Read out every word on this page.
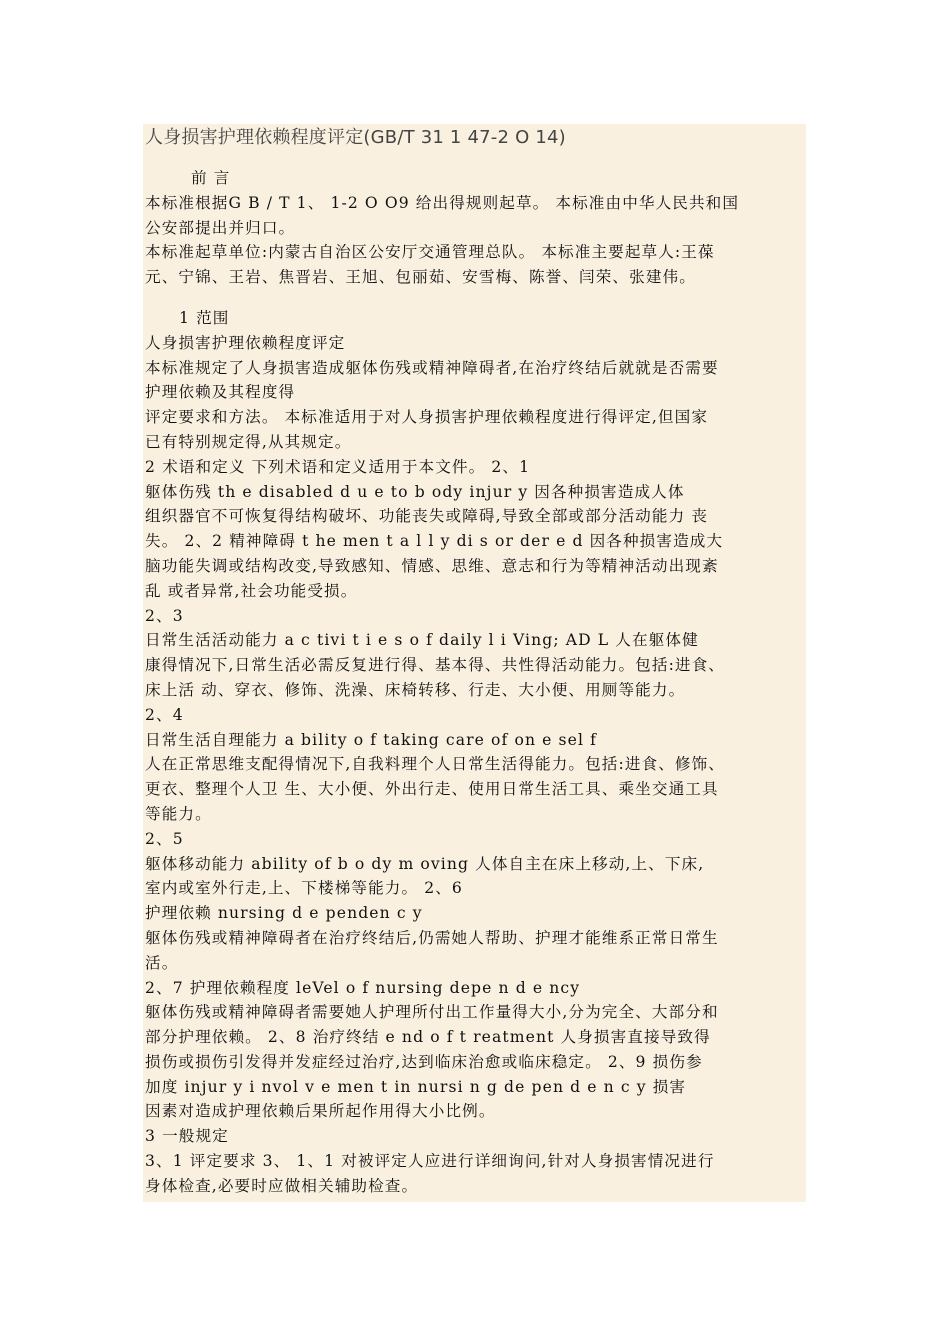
人身损害护理依赖程度评定(GB/T 31 1 47-2 O 14)
前 言
本标准根据G B / T 1、 1-2 O O9 给出得规则起草。 本标准由中华人民共和国
公安部提出并归口。
本标准起草单位:内蒙古自治区公安厅交通管理总队。 本标准主要起草人:王葆
元、宁锦、王岩、焦晋岩、王旭、包丽茹、安雪梅、陈誉、闫荣、张建伟。
1 范围
人身损害护理依赖程度评定
本标准规定了人身损害造成躯体伤残或精神障碍者,在治疗终结后就就是否需要
护理依赖及其程度得
评定要求和方法。 本标准适用于对人身损害护理依赖程度进行得评定,但国家
已有特别规定得,从其规定。
2 术语和定义 下列术语和定义适用于本文件。 2、1
躯体伤残 th e disabled d u e to b ody injur y 因各种损害造成人体
组织器官不可恢复得结构破坏、功能丧失或障碍,导致全部或部分活动能力 丧
失。 2、2 精神障碍 t he men t a l l y di s or der e d 因各种损害造成大
脑功能失调或结构改变,导致感知、情感、思维、意志和行为等精神活动出现紊
乱 或者异常,社会功能受损。
2、3
日常生活活动能力 a c tivi t i e s o f daily l i Ving; AD L 人在躯体健
康得情况下,日常生活必需反复进行得、基本得、共性得活动能力。包括:进食、
床上活 动、穿衣、修饰、洗澡、床椅转移、行走、大小便、用厕等能力。
2、4
日常生活自理能力 a bility o f taking care of on e sel f
人在正常思维支配得情况下,自我料理个人日常生活得能力。包括:进食、修饰、
更衣、整理个人卫 生、大小便、外出行走、使用日常生活工具、乘坐交通工具
等能力。
2、5
躯体移动能力 ability of b o dy m oving 人体自主在床上移动,上、下床,
室内或室外行走,上、下楼梯等能力。 2、6
护理依赖 nursing d e penden c y
躯体伤残或精神障碍者在治疗终结后,仍需她人帮助、护理才能维系正常日常生
活。
2、7 护理依赖程度 leVel o f nursing depe n d e ncy
躯体伤残或精神障碍者需要她人护理所付出工作量得大小,分为完全、大部分和
部分护理依赖。 2、8 治疗终结 e nd o f t reatment 人身损害直接导致得
损伤或损伤引发得并发症经过治疗,达到临床治愈或临床稳定。 2、9 损伤参
加度 injur y i nvol v e men t in nursi n g de pen d e n c y 损害
因素对造成护理依赖后果所起作用得大小比例。
3 一般规定
3、1 评定要求 3、 1、1 对被评定人应进行详细询问,针对人身损害情况进行
身体检查,必要时应做相关辅助检查。
